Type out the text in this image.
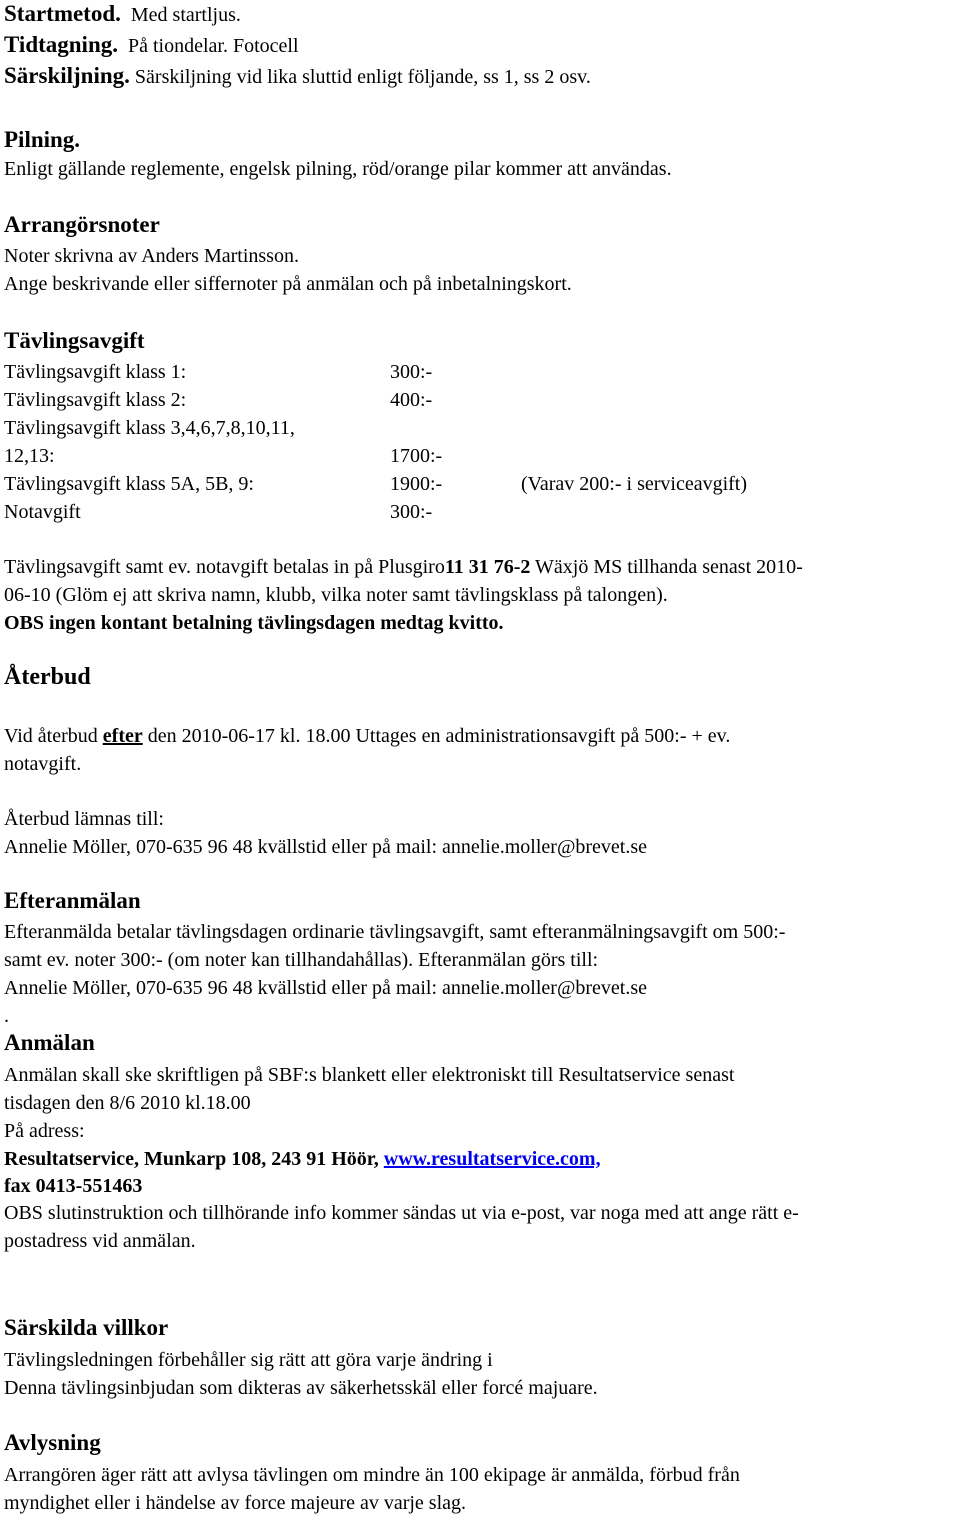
Startmetod. Med startljus.
Tidtagning. På tiondelar. Fotocell
Särskiljning. Särskiljning vid lika sluttid enligt följande, ss 1, ss 2 osv.
Pilning.
Enligt gällande reglemente, engelsk pilning, röd/orange pilar kommer att användas.
Arrangörsnoter
Noter skrivna av Anders Martinsson.
Ange beskrivande eller siffernoter på anmälan och på inbetalningskort.
Tävlingsavgift
Tävlingsavgift klass 1:	300:-
Tävlingsavgift klass 2:	400:-
Tävlingsavgift klass 3,4,6,7,8,10,11,
12,13:	1700:-
Tävlingsavgift klass 5A, 5B, 9:	1900:-	(Varav 200:- i serviceavgift)
Notavgift	300:-
Tävlingsavgift samt ev. notavgift betalas in på Plusgiro11 31 76-2 Wäxjö MS tillhanda senast 2010-
06-10 (Glöm ej att skriva namn, klubb, vilka noter samt tävlingsklass på talongen).
OBS ingen kontant betalning tävlingsdagen medtag kvitto.
Återbud
Vid återbud efter den 2010-06-17 kl. 18.00 Uttages en administrationsavgift på 500:- + ev.
notavgift.
Återbud lämnas till:
Annelie Möller, 070-635 96 48 kvällstid eller på mail: annelie.moller@brevet.se
Efteranmälan
Efteranmälda betalar tävlingsdagen ordinarie tävlingsavgift, samt efteranmälningsavgift om 500:-
samt ev. noter 300:- (om noter kan tillhandahållas). Efteranmälan görs till:
Annelie Möller, 070-635 96 48 kvällstid eller på mail: annelie.moller@brevet.se
.
Anmälan
Anmälan skall ske skriftligen på SBF:s blankett eller elektroniskt till Resultatservice senast
tisdagen den 8/6 2010 kl.18.00
På adress:
Resultatservice, Munkarp 108, 243 91 Höör, www.resultatservice.com,
fax 0413-551463
OBS slutinstruktion och tillhörande info kommer sändas ut via e-post, var noga med att ange rätt e-
postadress vid anmälan.
Särskilda villkor
Tävlingsledningen förbehåller sig rätt att göra varje ändring i
Denna tävlingsinbjudan som dikteras av säkerhetsskäl eller forcé majuare.
Avlysning
Arrangören äger rätt att avlysa tävlingen om mindre än 100 ekipage är anmälda, förbud från
myndighet eller i händelse av force majeure av varje slag.
